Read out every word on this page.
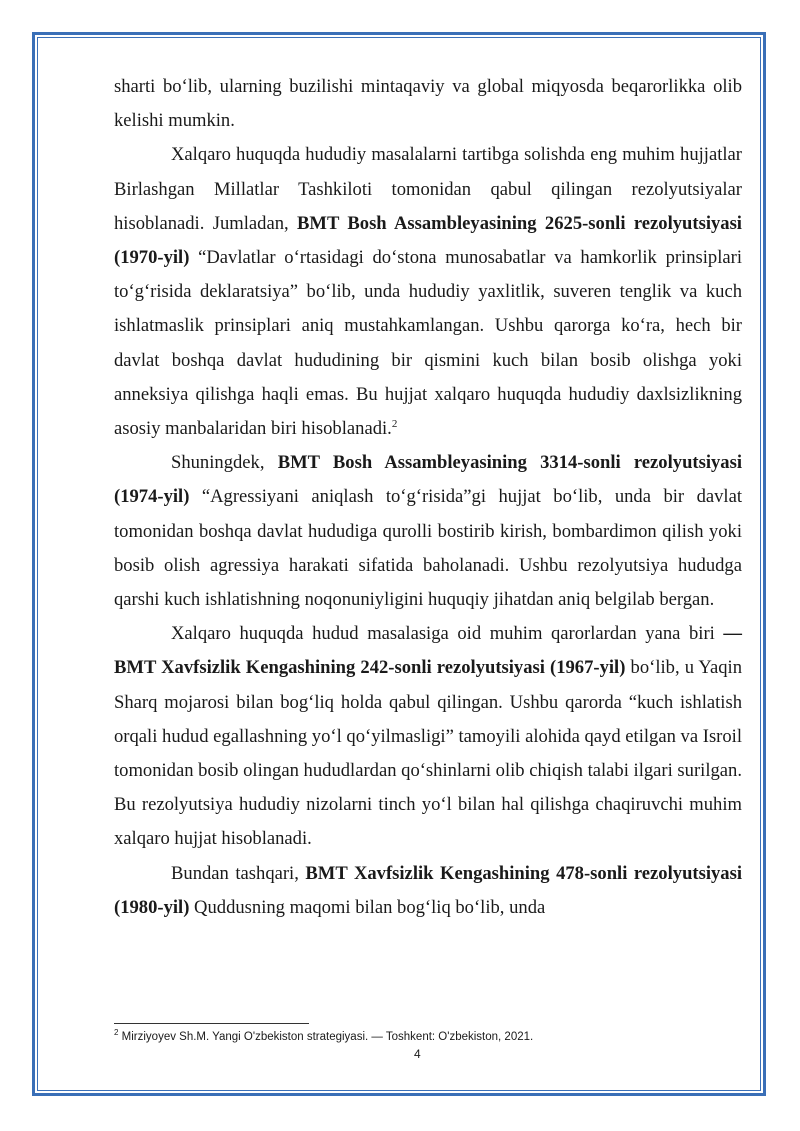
sharti bo‘lib, ularning buzilishi mintaqaviy va global miqyosda beqarorlikka olib kelishi mumkin.

Xalqaro huquqda hududiy masalalarni tartibga solishda eng muhim hujjatlar Birlashgan Millatlar Tashkiloti tomonidan qabul qilingan rezolyutsiyalar hisoblanadi. Jumladan, BMT Bosh Assambleyasining 2625-sonli rezolyutsiyasi (1970-yil) “Davlatlar o‘rtasidagi do‘stona munosabatlar va hamkorlik prinsiplari to‘g‘risida deklaratsiya” bo‘lib, unda hududiy yaxlitlik, suveren tenglik va kuch ishlatmaslik prinsiplari aniq mustahkamlangan. Ushbu qarorga ko‘ra, hech bir davlat boshqa davlat hududining bir qismini kuch bilan bosib olishga yoki anneksiya qilishga haqli emas. Bu hujjat xalqaro huquqda hududiy daxlsizlikning asosiy manbalaridan biri hisoblanadi.$^2$

Shuningdek, BMT Bosh Assambleyasining 3314-sonli rezolyutsiyasi (1974-yil) “Agressiyani aniqlash to‘g‘risida”gi hujjat bo‘lib, unda bir davlat tomonidan boshqa davlat hududiga qurolli bostirib kirish, bombardimon qilish yoki bosib olish agressiya harakati sifatida baholanadi. Ushbu rezolyutsiya hududga qarshi kuch ishlatishning noqonuniyligini huquqiy jihatdan aniq belgilab bergan.

Xalqaro huquqda hudud masalasiga oid muhim qarorlardan yana biri — BMT Xavfsizlik Kengashining 242-sonli rezolyutsiyasi (1967-yil) bo‘lib, u Yaqin Sharq mojarosi bilan bog‘liq holda qabul qilingan. Ushbu qarorda “kuch ishlatish orqali hudud egallashning yo‘l qo‘yilmasligi” tamoyili alohida qayd etilgan va Isroil tomonidan bosib olingan hududlardan qo‘shinlarni olib chiqish talabi ilgari surilgan. Bu rezolyutsiya hududiy nizolarni tinch yo‘l bilan hal qilishga chaqiruvchi muhim xalqaro hujjat hisoblanadi.

Bundan tashqari, BMT Xavfsizlik Kengashining 478-sonli rezolyutsiyasi (1980-yil) Quddusning maqomi bilan bog‘liq bo‘lib, unda

$^2$ Mirziyoyev Sh.M. Yangi O'zbekiston strategiyasi. — Toshkent: O'zbekiston, 2021.
4
